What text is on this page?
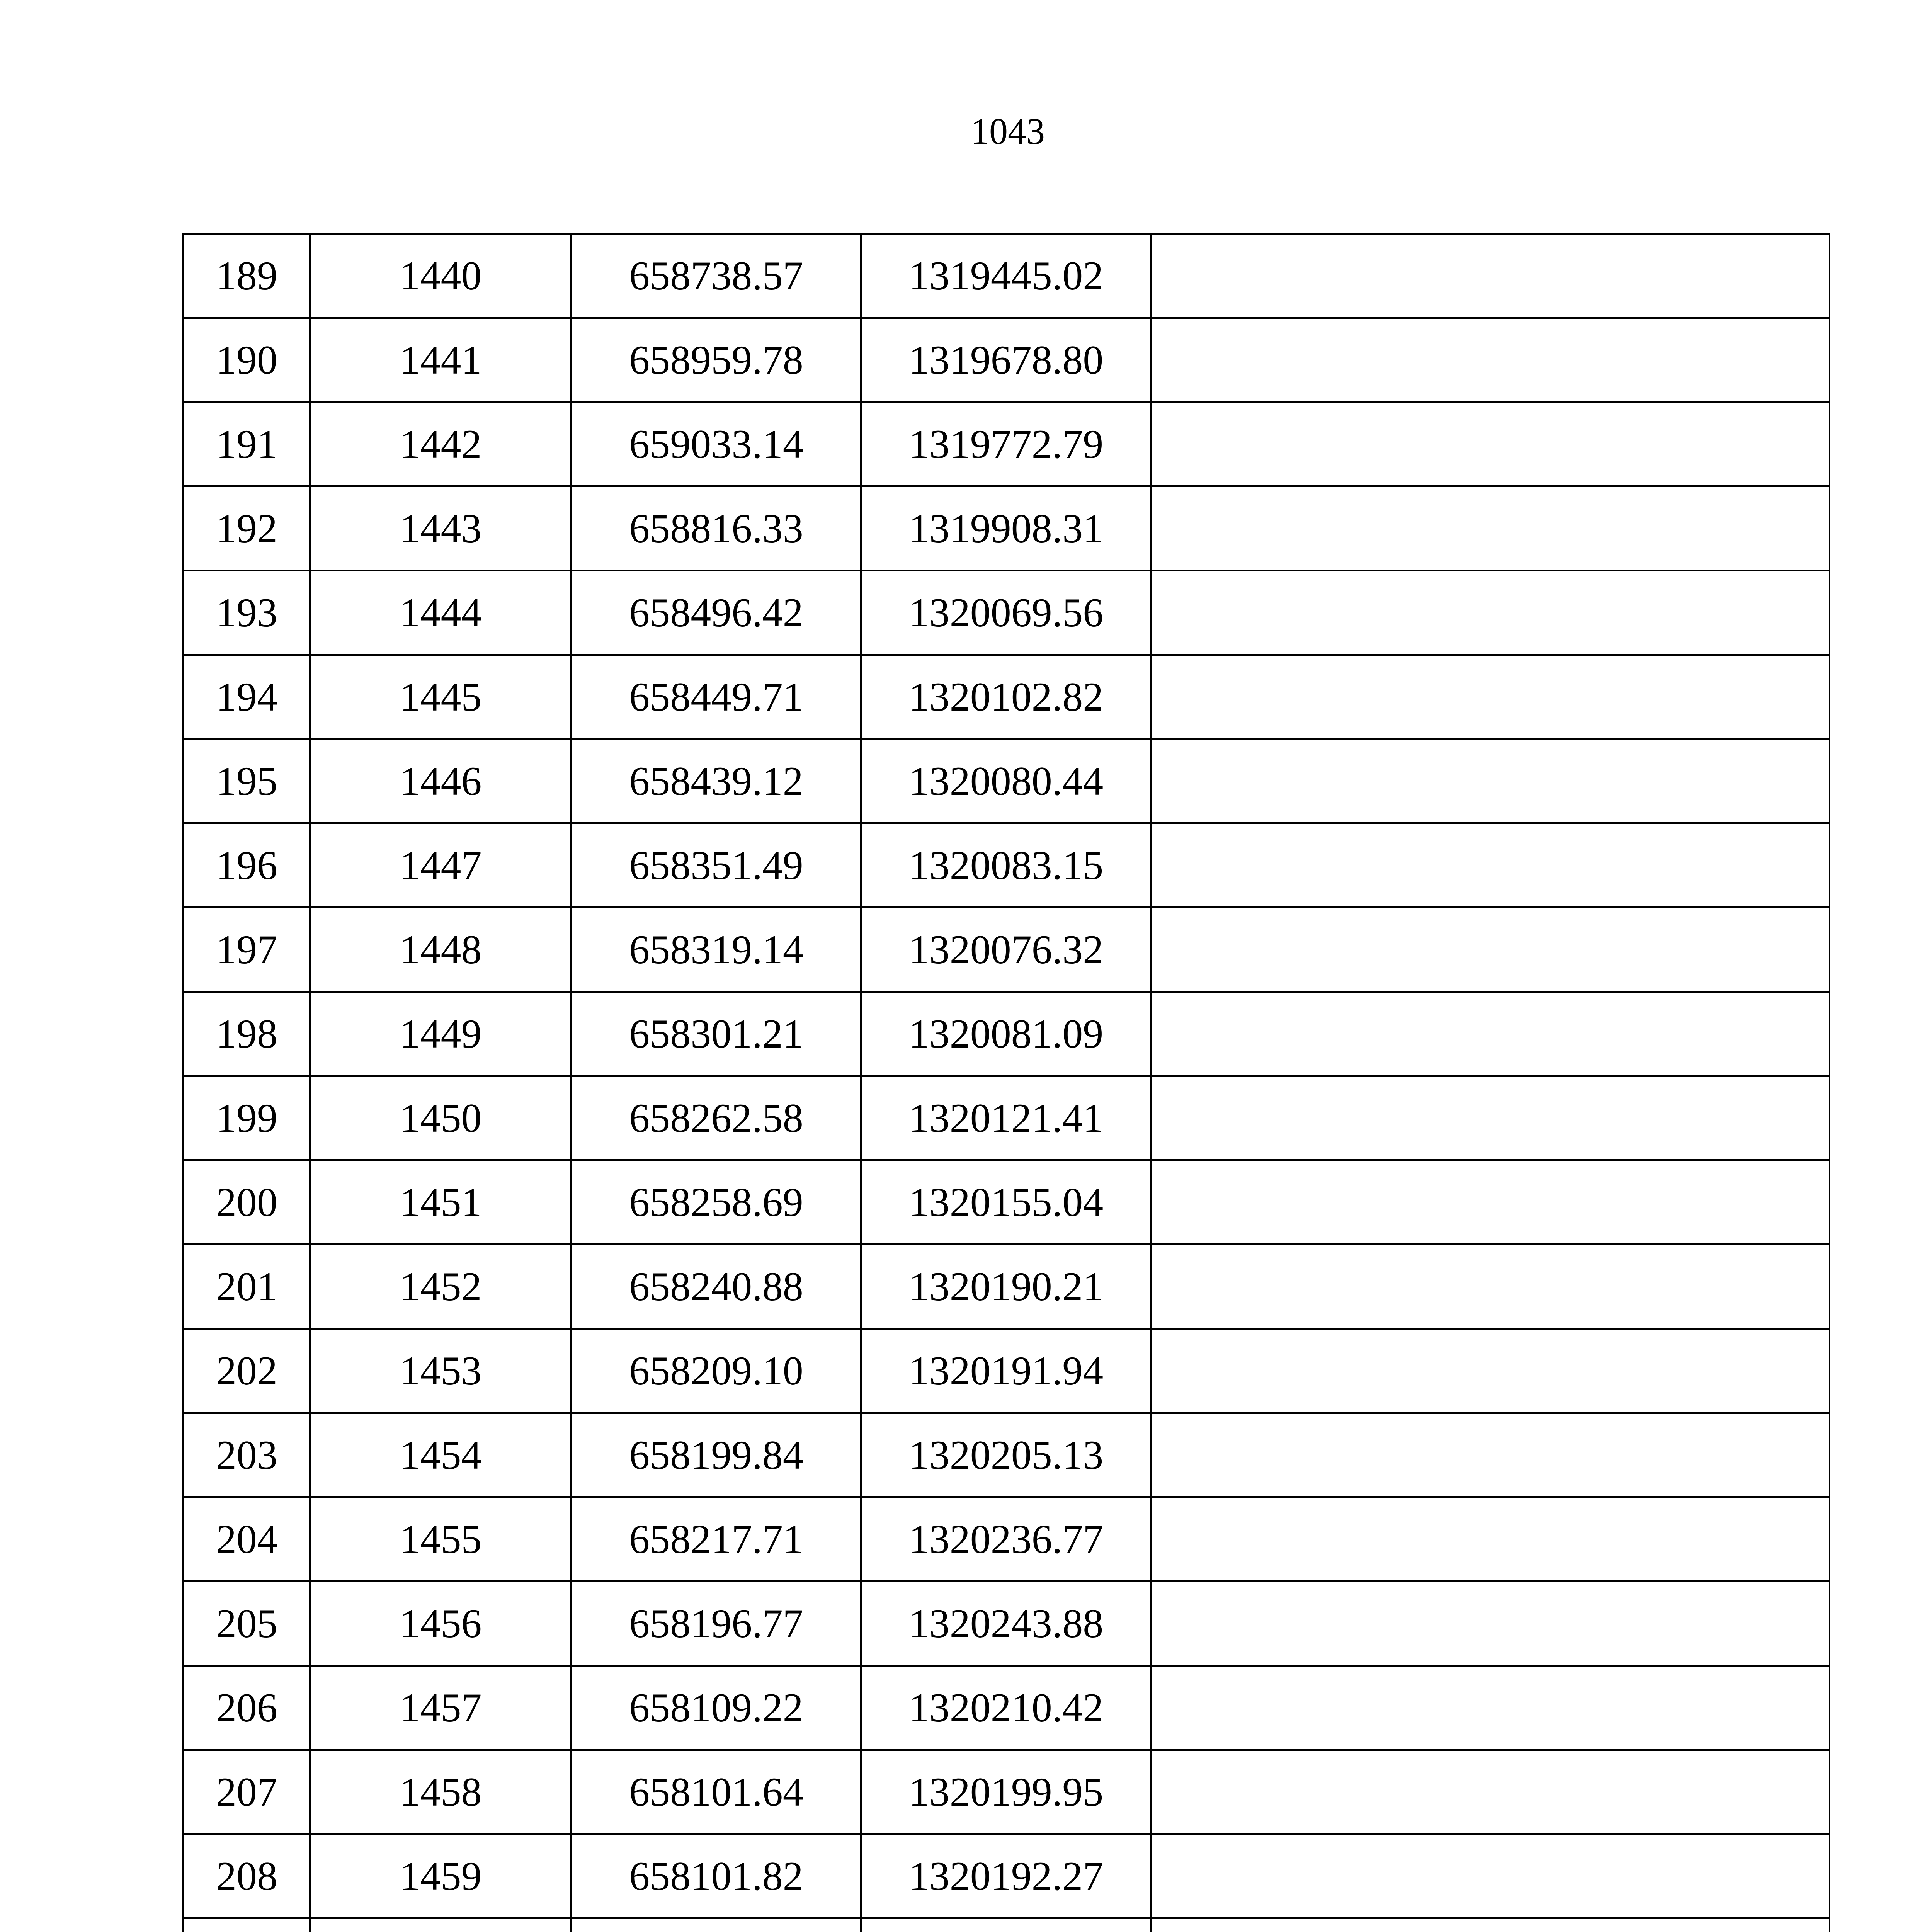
1043
189	1440	658738.57	1319445.02	
190	1441	658959.78	1319678.80	
191	1442	659033.14	1319772.79	
192	1443	658816.33	1319908.31	
193	1444	658496.42	1320069.56	
194	1445	658449.71	1320102.82	
195	1446	658439.12	1320080.44	
196	1447	658351.49	1320083.15	
197	1448	658319.14	1320076.32	
198	1449	658301.21	1320081.09	
199	1450	658262.58	1320121.41	
200	1451	658258.69	1320155.04	
201	1452	658240.88	1320190.21	
202	1453	658209.10	1320191.94	
203	1454	658199.84	1320205.13	
204	1455	658217.71	1320236.77	
205	1456	658196.77	1320243.88	
206	1457	658109.22	1320210.42	
207	1458	658101.64	1320199.95	
208	1459	658101.82	1320192.27	
